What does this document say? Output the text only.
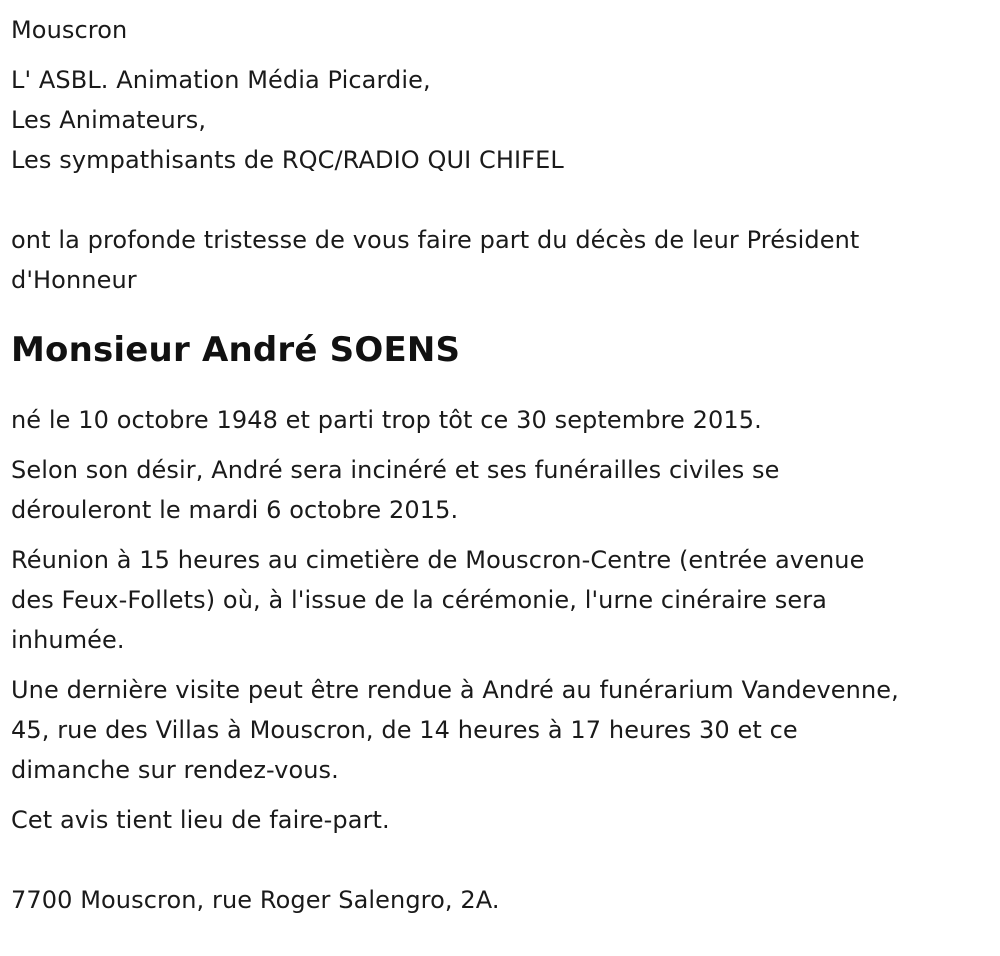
Mouscron
L' ASBL. Animation Média Picardie,
Les Animateurs,
Les sympathisants de RQC/RADIO QUI CHIFEL
ont la profonde tristesse de vous faire part du décès de leur Président
d'Honneur
Monsieur André SOENS
né le 10 octobre 1948 et parti trop tôt ce 30 septembre 2015.
Selon son désir, André sera incinéré et ses funérailles civiles se
dérouleront le mardi 6 octobre 2015.
Réunion à 15 heures au cimetière de Mouscron-Centre (entrée avenue
des Feux-Follets) où, à l'issue de la cérémonie, l'urne cinéraire sera
inhumée.
Une dernière visite peut être rendue à André au funérarium Vandevenne,
45, rue des Villas à Mouscron, de 14 heures à 17 heures 30 et ce
dimanche sur rendez-vous.
Cet avis tient lieu de faire-part.
7700 Mouscron, rue Roger Salengro, 2A.
